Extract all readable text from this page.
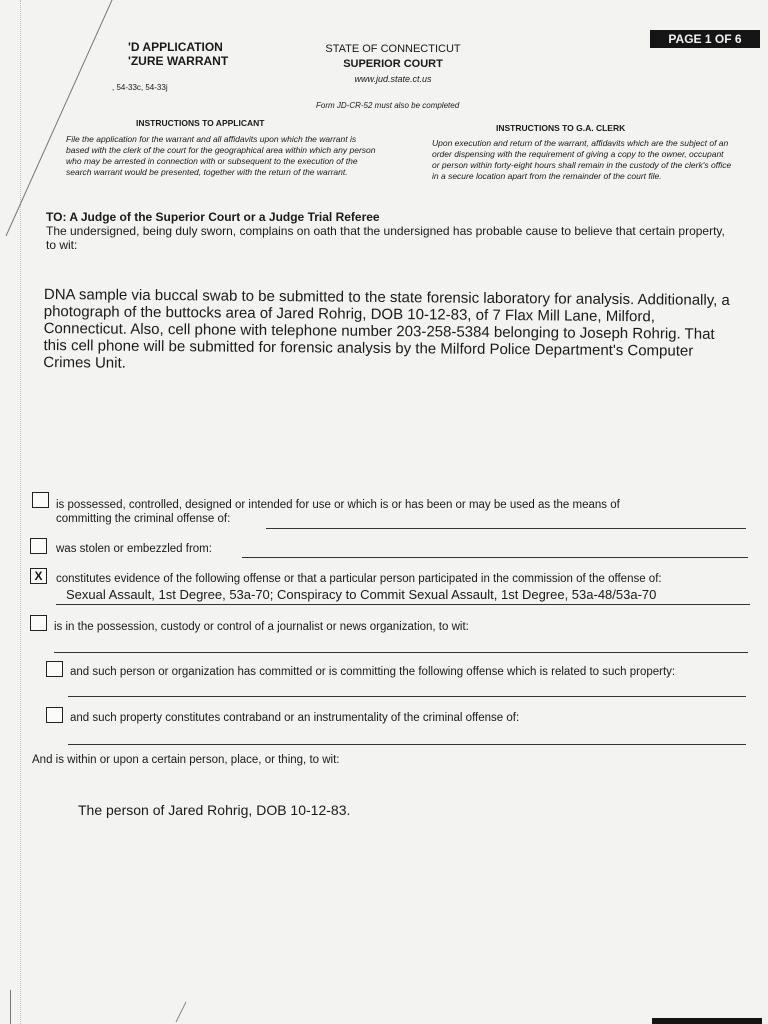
PAGE 1 OF 6
'D APPLICATION
'ZURE WARRANT
, 54-33c, 54-33j
STATE OF CONNECTICUT
SUPERIOR COURT
www.jud.state.ct.us
Form JD-CR-52 must also be completed
INSTRUCTIONS TO APPLICANT
File the application for the warrant and all affidavits upon which the warrant is based with the clerk of the court for the geographical area within which any person who may be arrested in connection with or subsequent to the execution of the search warrant would be presented, together with the return of the warrant.
INSTRUCTIONS TO G.A. CLERK
Upon execution and return of the warrant, affidavits which are the subject of an order dispensing with the requirement of giving a copy to the owner, occupant or person within forty-eight hours shall remain in the custody of the clerk's office in a secure location apart from the remainder of the court file.
TO: A Judge of the Superior Court or a Judge Trial Referee
The undersigned, being duly sworn, complains on oath that the undersigned has probable cause to believe that certain property, to wit:
DNA sample via buccal swab to be submitted to the state forensic laboratory for analysis. Additionally, a photograph of the buttocks area of Jared Rohrig, DOB 10-12-83, of 7 Flax Mill Lane, Milford, Connecticut. Also, cell phone with telephone number 203-258-5384 belonging to Joseph Rohrig. That this cell phone will be submitted for forensic analysis by the Milford Police Department's Computer Crimes Unit.
is possessed, controlled, designed or intended for use or which is or has been or may be used as the means of
committing the criminal offense of:
was stolen or embezzled from:
X	constitutes evidence of the following offense or that a particular person participated in the commission of the offense of:
Sexual Assault, 1st Degree, 53a-70; Conspiracy to Commit Sexual Assault, 1st Degree, 53a-48/53a-70
is in the possession, custody or control of a journalist or news organization, to wit:
and such person or organization has committed or is committing the following offense which is related to such property:
and such property constitutes contraband or an instrumentality of the criminal offense of:
And is within or upon a certain person, place, or thing, to wit:
The person of Jared Rohrig, DOB 10-12-83.
